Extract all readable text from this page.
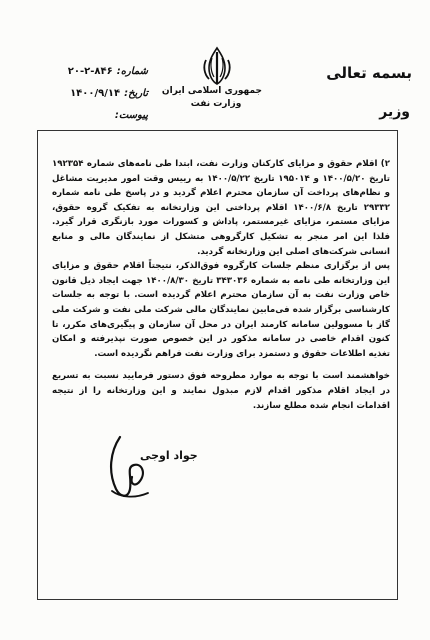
بسمه تعالی
وزیر
جمهوری اسلامی ایران
وزارت نفت
شماره:
۲۰-۲-۸۴۶
تاریخ:
۱۴۰۰/۹/۱۴
پیوست:

۲) اقلام حقوق و مزایای کارکنان وزارت نفت، ابتدا طی نامه‌های شماره ۱۹۲۳۵۴ تاریخ ۱۴۰۰/۵/۲۰ و ۱۹۵۰۱۴ تاریخ ۱۴۰۰/۵/۲۲ به رییس وقت امور مدیریت مشاغل و نظام‌های پرداخت آن سازمان محترم اعلام گردید و در پاسخ طی نامه شماره ۲۹۳۳۲ تاریخ ۱۴۰۰/۶/۸ اقلام پرداختی این وزارتخانه به تفکیک گروه حقوق، مزایای مستمر، مزایای غیرمستمر، پاداش و کسورات مورد بازنگری قرار گیرد. فلذا این امر منجر به تشکیل کارگروهی متشکل از نمایندگان مالی و منابع انسانی شرکت‌های اصلی این وزارتخانه گردید.

پس از برگزاری منظم جلسات کارگروه فوق‌الذکر، نتیجتاً اقلام حقوق و مزایای این وزارتخانه طی نامه به شماره ۳۴۳۰۳۶ تاریخ ۱۴۰۰/۸/۳۰ جهت ایجاد ذیل قانون خاص وزارت نفت به آن سازمان محترم اعلام گردیده است. با توجه به جلسات کارشناسی برگزار شده فی‌مابین نمایندگان مالی شرکت ملی نفت و شرکت ملی گاز با مسوولین سامانه کارمند ایران در محل آن سازمان و پیگیری‌های مکرر، تا کنون اقدام خاصی در سامانه مذکور در این خصوص صورت نپذیرفته و امکان تغذیه اطلاعات حقوق و دستمزد برای وزارت نفت فراهم نگردیده است.

خواهشمند است با توجه به موارد مطروحه فوق دستور فرمایید نسبت به تسریع در ایجاد اقلام مذکور اقدام لازم مبذول نمایند و این وزارتخانه را از نتیجه اقدامات انجام شده مطلع سازند.

جواد اوجی
